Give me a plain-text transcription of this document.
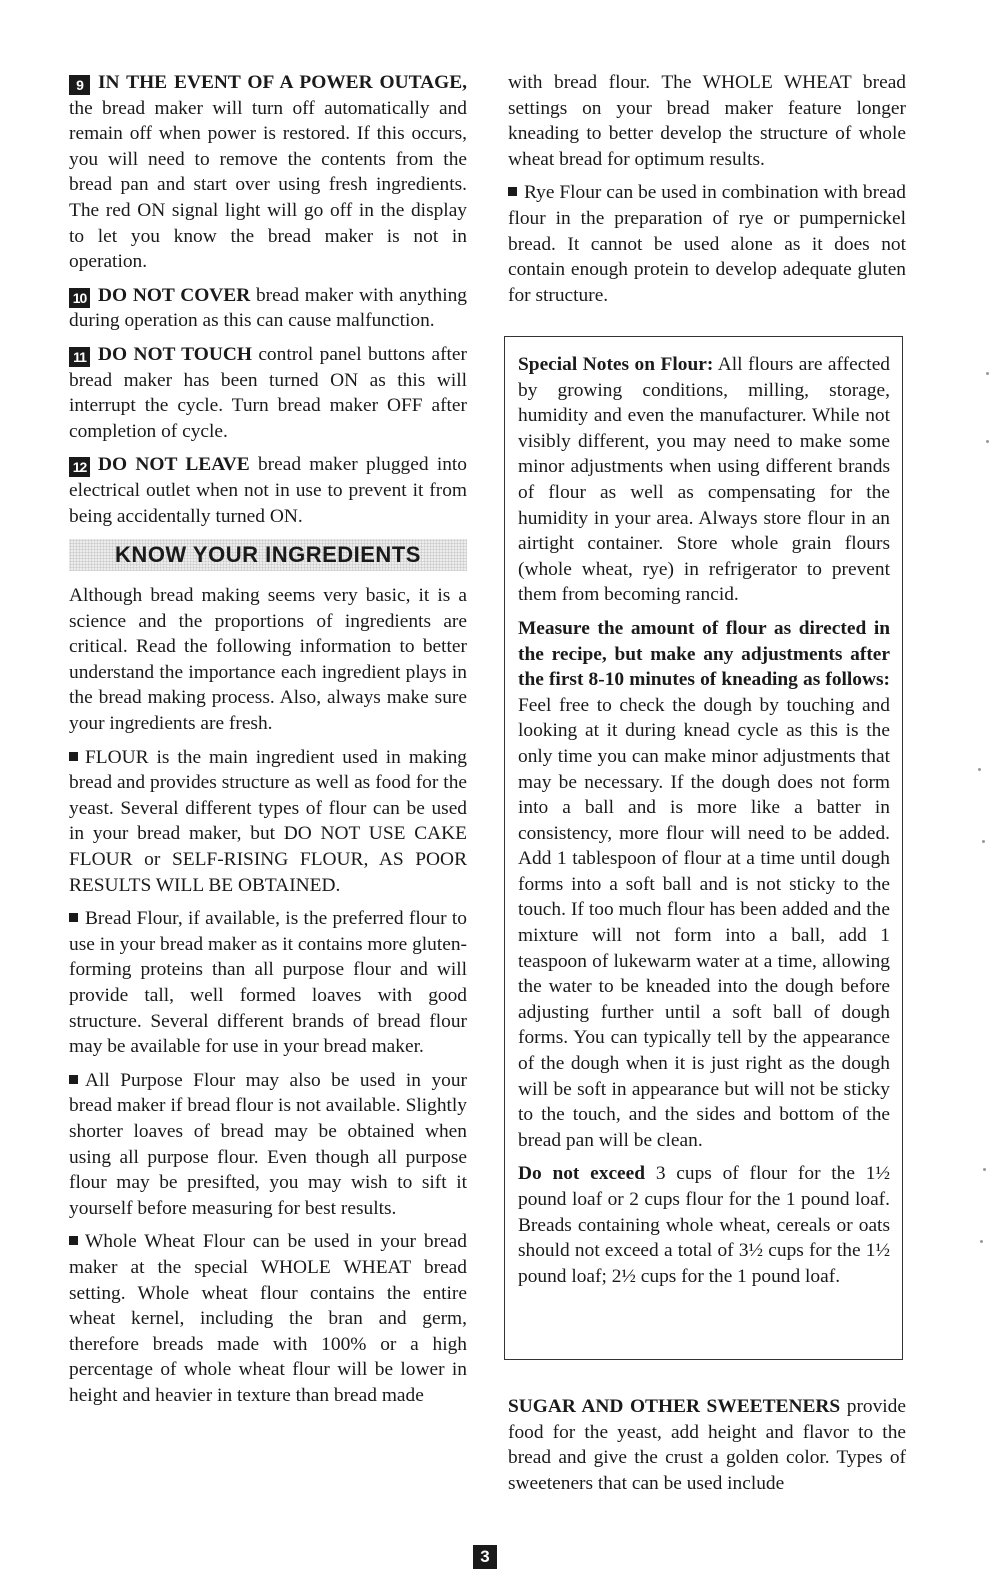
9 IN THE EVENT OF A POWER OUTAGE, the bread maker will turn off automatically and remain off when power is restored. If this occurs, you will need to remove the contents from the bread pan and start over using fresh ingredients. The red ON signal light will go off in the display to let you know the bread maker is not in operation.

10 DO NOT COVER bread maker with anything during operation as this can cause malfunction.

11 DO NOT TOUCH control panel buttons after bread maker has been turned ON as this will interrupt the cycle. Turn bread maker OFF after completion of cycle.

12 DO NOT LEAVE bread maker plugged into electrical outlet when not in use to prevent it from being accidentally turned ON.

KNOW YOUR INGREDIENTS

Although bread making seems very basic, it is a science and the proportions of ingredients are critical. Read the following information to better understand the importance each ingredient plays in the bread making process. Also, always make sure your ingredients are fresh.

FLOUR is the main ingredient used in making bread and provides structure as well as food for the yeast. Several different types of flour can be used in your bread maker, but DO NOT USE CAKE FLOUR or SELF-RISING FLOUR, AS POOR RESULTS WILL BE OBTAINED.

Bread Flour, if available, is the preferred flour to use in your bread maker as it contains more gluten-forming proteins than all purpose flour and will provide tall, well formed loaves with good structure. Several different brands of bread flour may be available for use in your bread maker.

All Purpose Flour may also be used in your bread maker if bread flour is not available. Slightly shorter loaves of bread may be obtained when using all purpose flour. Even though all purpose flour may be presifted, you may wish to sift it yourself before measuring for best results.

Whole Wheat Flour can be used in your bread maker at the special WHOLE WHEAT bread setting. Whole wheat flour contains the entire wheat kernel, including the bran and germ, therefore breads made with 100% or a high percentage of whole wheat flour will be lower in height and heavier in texture than bread made

with bread flour. The WHOLE WHEAT bread settings on your bread maker feature longer kneading to better develop the structure of whole wheat bread for optimum results.

Rye Flour can be used in combination with bread flour in the preparation of rye or pumpernickel bread. It cannot be used alone as it does not contain enough protein to develop adequate gluten for structure.

Special Notes on Flour: All flours are affected by growing conditions, milling, storage, humidity and even the manufacturer. While not visibly different, you may need to make some minor adjustments when using different brands of flour as well as compensating for the humidity in your area. Always store flour in an airtight container. Store whole grain flours (whole wheat, rye) in refrigerator to prevent them from becoming rancid.

Measure the amount of flour as directed in the recipe, but make any adjustments after the first 8-10 minutes of kneading as follows: Feel free to check the dough by touching and looking at it during knead cycle as this is the only time you can make minor adjustments that may be necessary. If the dough does not form into a ball and is more like a batter in consistency, more flour will need to be added. Add 1 tablespoon of flour at a time until dough forms into a soft ball and is not sticky to the touch. If too much flour has been added and the mixture will not form into a ball, add 1 teaspoon of lukewarm water at a time, allowing the water to be kneaded into the dough before adjusting further until a soft ball of dough forms. You can typically tell by the appearance of the dough when it is just right as the dough will be soft in appearance but will not be sticky to the touch, and the sides and bottom of the bread pan will be clean.

Do not exceed 3 cups of flour for the 1½ pound loaf or 2 cups flour for the 1 pound loaf. Breads containing whole wheat, cereals or oats should not exceed a total of 3½ cups for the 1½ pound loaf; 2½ cups for the 1 pound loaf.

SUGAR AND OTHER SWEETENERS provide food for the yeast, add height and flavor to the bread and give the crust a golden color. Types of sweeteners that can be used include

3
